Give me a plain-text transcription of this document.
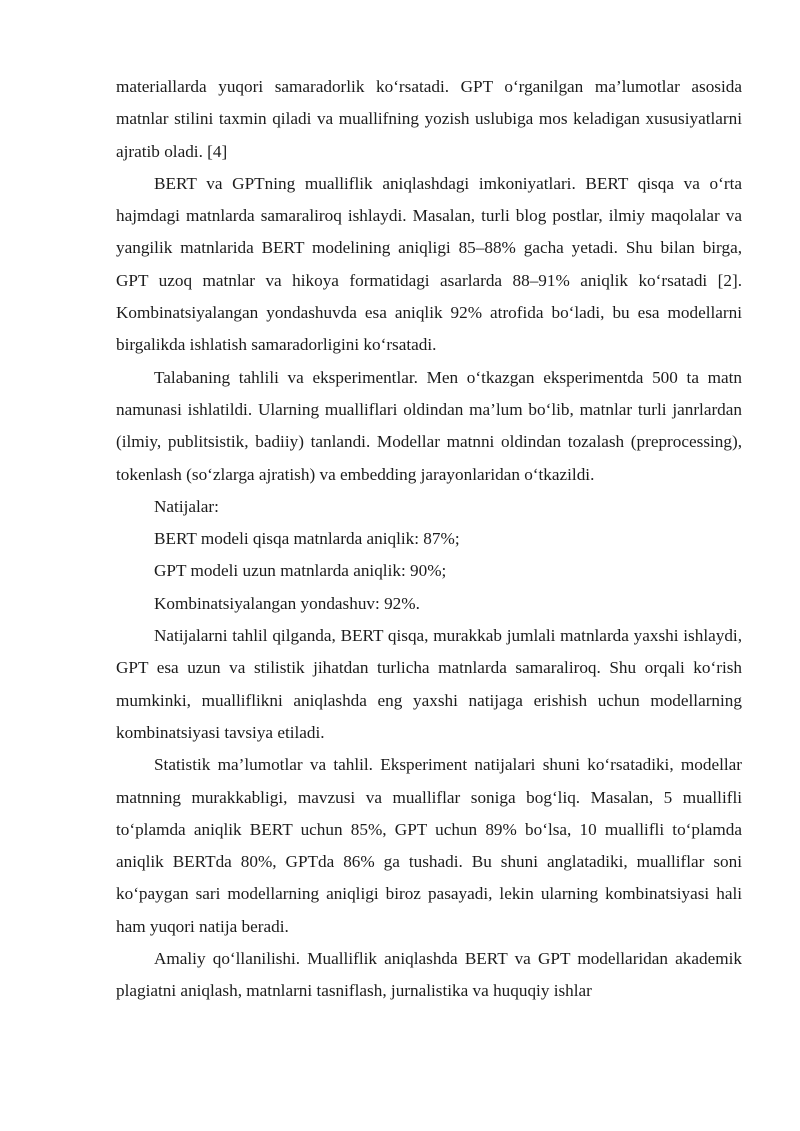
materiallarda yuqori samaradorlik ko‘rsatadi. GPT o‘rganilgan ma’lumotlar asosida matnlar stilini taxmin qiladi va muallifning yozish uslubiga mos keladigan xususiyatlarni ajratib oladi. [4]

BERT va GPTning mualliflik aniqlashdagi imkoniyatlari. BERT qisqa va o‘rta hajmdagi matnlarda samaraliroq ishlaydi. Masalan, turli blog postlar, ilmiy maqolalar va yangilik matnlarida BERT modelining aniqligi 85–88% gacha yetadi. Shu bilan birga, GPT uzoq matnlar va hikoya formatidagi asarlarda 88–91% aniqlik ko‘rsatadi [2]. Kombinatsiyalangan yondashuvda esa aniqlik 92% atrofida bo‘ladi, bu esa modellarni birgalikda ishlatish samaradorligini ko‘rsatadi.

Talabaning tahlili va eksperimentlar. Men o‘tkazgan eksperimentda 500 ta matn namunasi ishlatildi. Ularning mualliflari oldindan ma’lum bo‘lib, matnlar turli janrlardan (ilmiy, publitsistik, badiiy) tanlandi. Modellar matnni oldindan tozalash (preprocessing), tokenlash (so‘zlarga ajratish) va embedding jarayonlaridan o‘tkazildi.

Natijalar:

BERT modeli qisqa matnlarda aniqlik: 87%;

GPT modeli uzun matnlarda aniqlik: 90%;

Kombinatsiyalangan yondashuv: 92%.

Natijalarni tahlil qilganda, BERT qisqa, murakkab jumlali matnlarda yaxshi ishlaydi, GPT esa uzun va stilistik jihatdan turlicha matnlarda samaraliroq. Shu orqali ko‘rish mumkinki, mualliflikni aniqlashda eng yaxshi natijaga erishish uchun modellarning kombinatsiyasi tavsiya etiladi.

Statistik ma’lumotlar va tahlil. Eksperiment natijalari shuni ko‘rsatadiki, modellar matnning murakkabligi, mavzusi va mualliflar soniga bog‘liq. Masalan, 5 muallifli to‘plamda aniqlik BERT uchun 85%, GPT uchun 89% bo‘lsa, 10 muallifli to‘plamda aniqlik BERTda 80%, GPTda 86% ga tushadi. Bu shuni anglatadiki, mualliflar soni ko‘paygan sari modellarning aniqligi biroz pasayadi, lekin ularning kombinatsiyasi hali ham yuqori natija beradi.

Amaliy qo‘llanilishi. Mualliflik aniqlashda BERT va GPT modellaridan akademik plagiatni aniqlash, matnlarni tasniflash, jurnalistika va huquqiy ishlar
